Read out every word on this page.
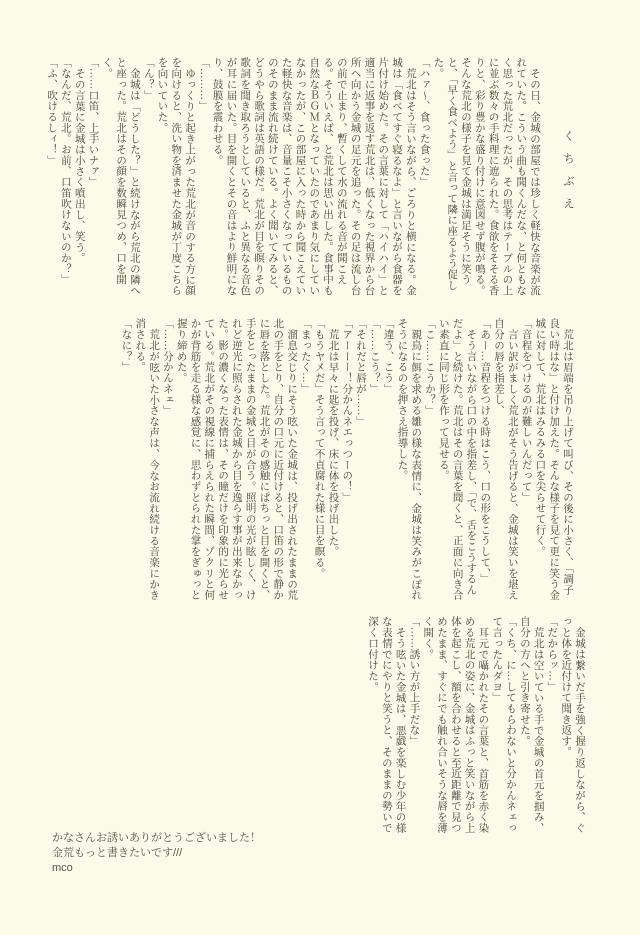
くちぶえ

その日、金城の部屋では珍しく軽快な音楽が流れていた。こういう曲も聞くんだな、と何ともなく思った荒北だったが、その思考はテーブルの上に並ぶ数々の手料理に遮られた。食欲をそそる香りと、彩り豊かな盛り付けに意図せず腹が鳴る。そんな荒北の様子を見て金城は満足そうに笑うと、「早く食べよう」と言って隣に座るよう促した。

「ハァ～、食った食った」

荒北はそう言いながら、ごろりと横になる。金城は「食べてすぐ寝るなよ」と言いながら食器を片付け始めた。その言葉に対して「ハイハイ」と適当に返事を返す荒北は、低くなった視界から台所へ向かう金城の足元を追った。その足は流し台の前で止まり、暫くして水の流れる音が聞こえる。そういえば、と荒北は思い出した。食事中も自然なＢＧＭとなっていたのであまり気にしていなかったが、この部屋に入った時から聞こえていた軽快な音楽は、音量こそ小さくなっているもののそのまま流れ続けている。よく聞いてみると、どうやら歌詞は英語の様だ。荒北が目を瞑りその歌詞を聞き取ろうとしていると、ふと異なる音色が耳に届いた。目を開くとその音はより鮮明になり、鼓膜を震わせる。

「………」

ゆっくりと起き上がった荒北が音のする方に顔を向けると、洗い物を済ませた金城が丁度こちらを向いていた。

「ん？」

金城は「どうした？」と続けながら荒北の隣へと座った。荒北はその顔を数瞬見つめ、口を開く。

「……口笛、上手いナァ」

その言葉に金城は小さく噴出し、笑う。

「なんだ、荒北。お前、口笛吹けないのか？」

「ふ、吹けるしィ！」

荒北は眉端を吊り上げて叫び、その後に小さく、「調子良い時はな」と付け加えた。そんな様子を見て更に笑う金城に対して、荒北はみるみる口を尖らせて行く。

「音程をつけるのが難しいんだって」

言い訳がましく荒北がそう告げると、金城は笑いを堪え自分の唇を指差し、

「あー…音程をつける時はこう、口の形をこうして、」

そう言いながら口の中を指差し、「で、舌をこうするんだよ」と続けた。荒北はその言葉を聞くと、正面に向き合い素直に同じ形を作って見せる。

「こ……こうか？」

親鳥に餌を求める雛の様な表情に、金城は笑みがこぼれそうになるのを押さえ指導した。

「違う、こう」

「……こう？」

「それだと唇が……」

「アーーー！分かんネエっつーの！」

荒北は早々に匙を投げ、床に体を投げ出した。

「もうヤメだ」そう言って不貞腐れた様に目を瞑る。

「まったく…」

溜息交じりにそう呟いた金城は、投げ出されたままの荒北の手をとり、自分の口元に近付けると、口笛の形で静かに唇を落とした。荒北がその感触にぱちっと目を開くと、手をとったままの金城と目が合う。照明の光が眩しく、けれど逆光に照らされた金城から目を逸らす事が出来なかった。影の濃くなった表情は、その瞳だけを印象的に光らせている。荒北がその視線に捕らえられた瞬間、ゾクリと何かが背筋を走る様な感覚に、思わずとられた掌をぎゅっと握り締めた。

「……分かんネェ」

荒北が呟いた小さな声は、今なお流れ続ける音楽にかき消される。

「なに？」

金城は繋いだ手を強く握り返しながら、ぐっと体を近付けて聞き返す。

「だからッ…」

荒北は空いている手で金城の首元を掴み、自分の方へと引き寄せた。

「くち、に…してもらわないと分かんネェって言ったんダヨ」

耳元で囁かれたその言葉と、首筋を赤く染める荒北の姿に、金城はふっと笑いながら上体を起こし、額を合わせると至近距離で見つめたまま、すぐにでも触れ合いそうな唇を薄く開く。

「……誘い方が上手だな」

そう呟いた金城は、悪戯を楽しむ少年の様な表情でにやりと笑うと、そのままの勢いで深く口付けた。

かなさんお誘いありがとうございました！
金荒もっと書きたいです///
mco
